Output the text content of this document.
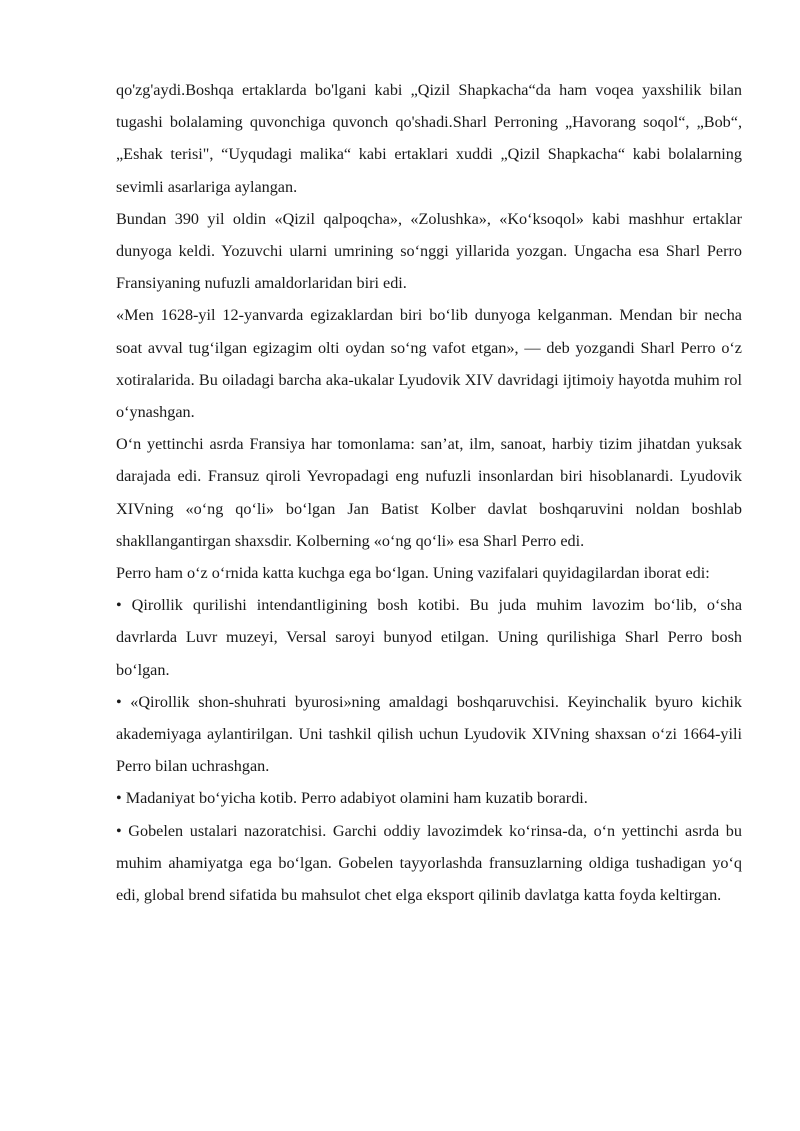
qo'zg'aydi.Boshqa ertaklarda bo'lgani kabi „Qizil Shapkacha“da ham voqea yaxshilik bilan tugashi bolalaming quvonchiga quvonch qo'shadi.Sharl Perroning „Havorang soqol“, „Bob“,„Eshak terisi", “Uyqudagi malika“ kabi ertaklari xuddi „Qizil Shapkacha“ kabi bolalarning sevimli asarlariga aylangan.

Bundan 390 yil oldin «Qizil qalpoqcha», «Zolushka», «Koʻksoqol» kabi mashhur ertaklar dunyoga keldi. Yozuvchi ularni umrining soʻnggi yillarida yozgan. Ungacha esa Sharl Perro Fransiyaning nufuzli amaldorlaridan biri edi.

«Men 1628-yil 12-yanvarda egizaklardan biri boʻlib dunyoga kelganman. Mendan bir necha soat avval tugʻilgan egizagim olti oydan soʻng vafot etgan», — deb yozgandi Sharl Perro oʻz xotiralarida. Bu oiladagi barcha aka-ukalar Lyudovik XIV davridagi ijtimoiy hayotda muhim rol oʻynashgan.

Oʻn yettinchi asrda Fransiya har tomonlama: sanʼat, ilm, sanoat, harbiy tizim jihatdan yuksak darajada edi. Fransuz qiroli Yevropadagi eng nufuzli insonlardan biri hisoblanardi. Lyudovik XIVning «oʻng qoʻli» boʻlgan Jan Batist Kolber davlat boshqaruvini noldan boshlab shakllangantirgan shaxsdir. Kolberning «oʻng qoʻli» esa Sharl Perro edi.

Perro ham oʻz oʻrnida katta kuchga ega boʻlgan. Uning vazifalari quyidagilardan iborat edi:

• Qirollik qurilishi intendantligining bosh kotibi. Bu juda muhim lavozim boʻlib, oʻsha davrlarda Luvr muzeyi, Versal saroyi bunyod etilgan. Uning qurilishiga Sharl Perro bosh boʻlgan.

• «Qirollik shon-shuhrati byurosi»ning amaldagi boshqaruvchisi. Keyinchalik byuro kichik akademiyaga aylantirilgan. Uni tashkil qilish uchun Lyudovik XIVning shaxsan oʻzi 1664-yili Perro bilan uchrashgan.

• Madaniyat boʻyicha kotib. Perro adabiyot olamini ham kuzatib borardi.

• Gobelen ustalari nazoratchisi. Garchi oddiy lavozimdek koʻrinsa-da, oʻn yettinchi asrda bu muhim ahamiyatga ega boʻlgan. Gobelen tayyorlashda fransuzlarning oldiga tushadigan yoʻq edi, global brend sifatida bu mahsulot chet elga eksport qilinib davlatga katta foyda keltirgan.
